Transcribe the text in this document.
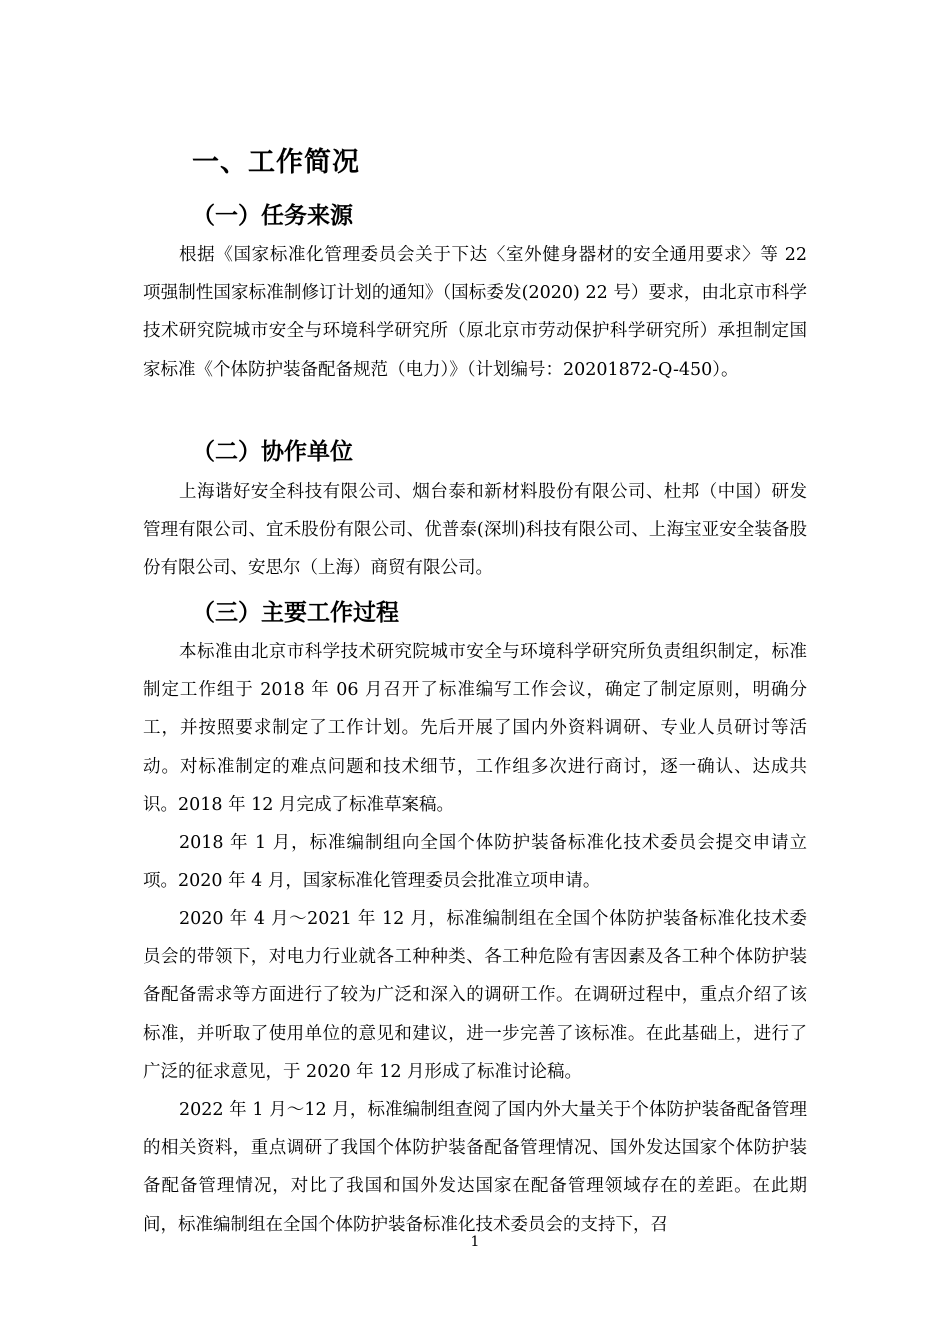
一、工作简况
（一）任务来源

根据《国家标准化管理委员会关于下达〈室外健身器材的安全通用要求〉等 22 项强制性国家标准制修订计划的通知》（国标委发(2020) 22 号）要求，由北京市科学技术研究院城市安全与环境科学研究所（原北京市劳动保护科学研究所）承担制定国家标准《个体防护装备配备规范（电力）》（计划编号：20201872-Q-450）。

（二）协作单位

上海谐好安全科技有限公司、烟台泰和新材料股份有限公司、杜邦（中国）研发管理有限公司、宜禾股份有限公司、优普泰(深圳)科技有限公司、上海宝亚安全装备股份有限公司、安思尔（上海）商贸有限公司。

（三）主要工作过程

本标准由北京市科学技术研究院城市安全与环境科学研究所负责组织制定，标准制定工作组于 2018 年 06 月召开了标准编写工作会议，确定了制定原则，明确分工，并按照要求制定了工作计划。先后开展了国内外资料调研、专业人员研讨等活动。对标准制定的难点问题和技术细节，工作组多次进行商讨，逐一确认、达成共识。2018 年 12 月完成了标准草案稿。

2018 年 1 月，标准编制组向全国个体防护装备标准化技术委员会提交申请立项。2020 年 4 月，国家标准化管理委员会批准立项申请。

2020 年 4 月～2021 年 12 月，标准编制组在全国个体防护装备标准化技术委员会的带领下，对电力行业就各工种种类、各工种危险有害因素及各工种个体防护装备配备需求等方面进行了较为广泛和深入的调研工作。在调研过程中，重点介绍了该标准，并听取了使用单位的意见和建议，进一步完善了该标准。在此基础上，进行了广泛的征求意见，于 2020 年 12 月形成了标准讨论稿。

2022 年 1 月～12 月，标准编制组查阅了国内外大量关于个体防护装备配备管理的相关资料，重点调研了我国个体防护装备配备管理情况、国外发达国家个体防护装备配备管理情况，对比了我国和国外发达国家在配备管理领域存在的差距。在此期间，标准编制组在全国个体防护装备标准化技术委员会的支持下，召

1
